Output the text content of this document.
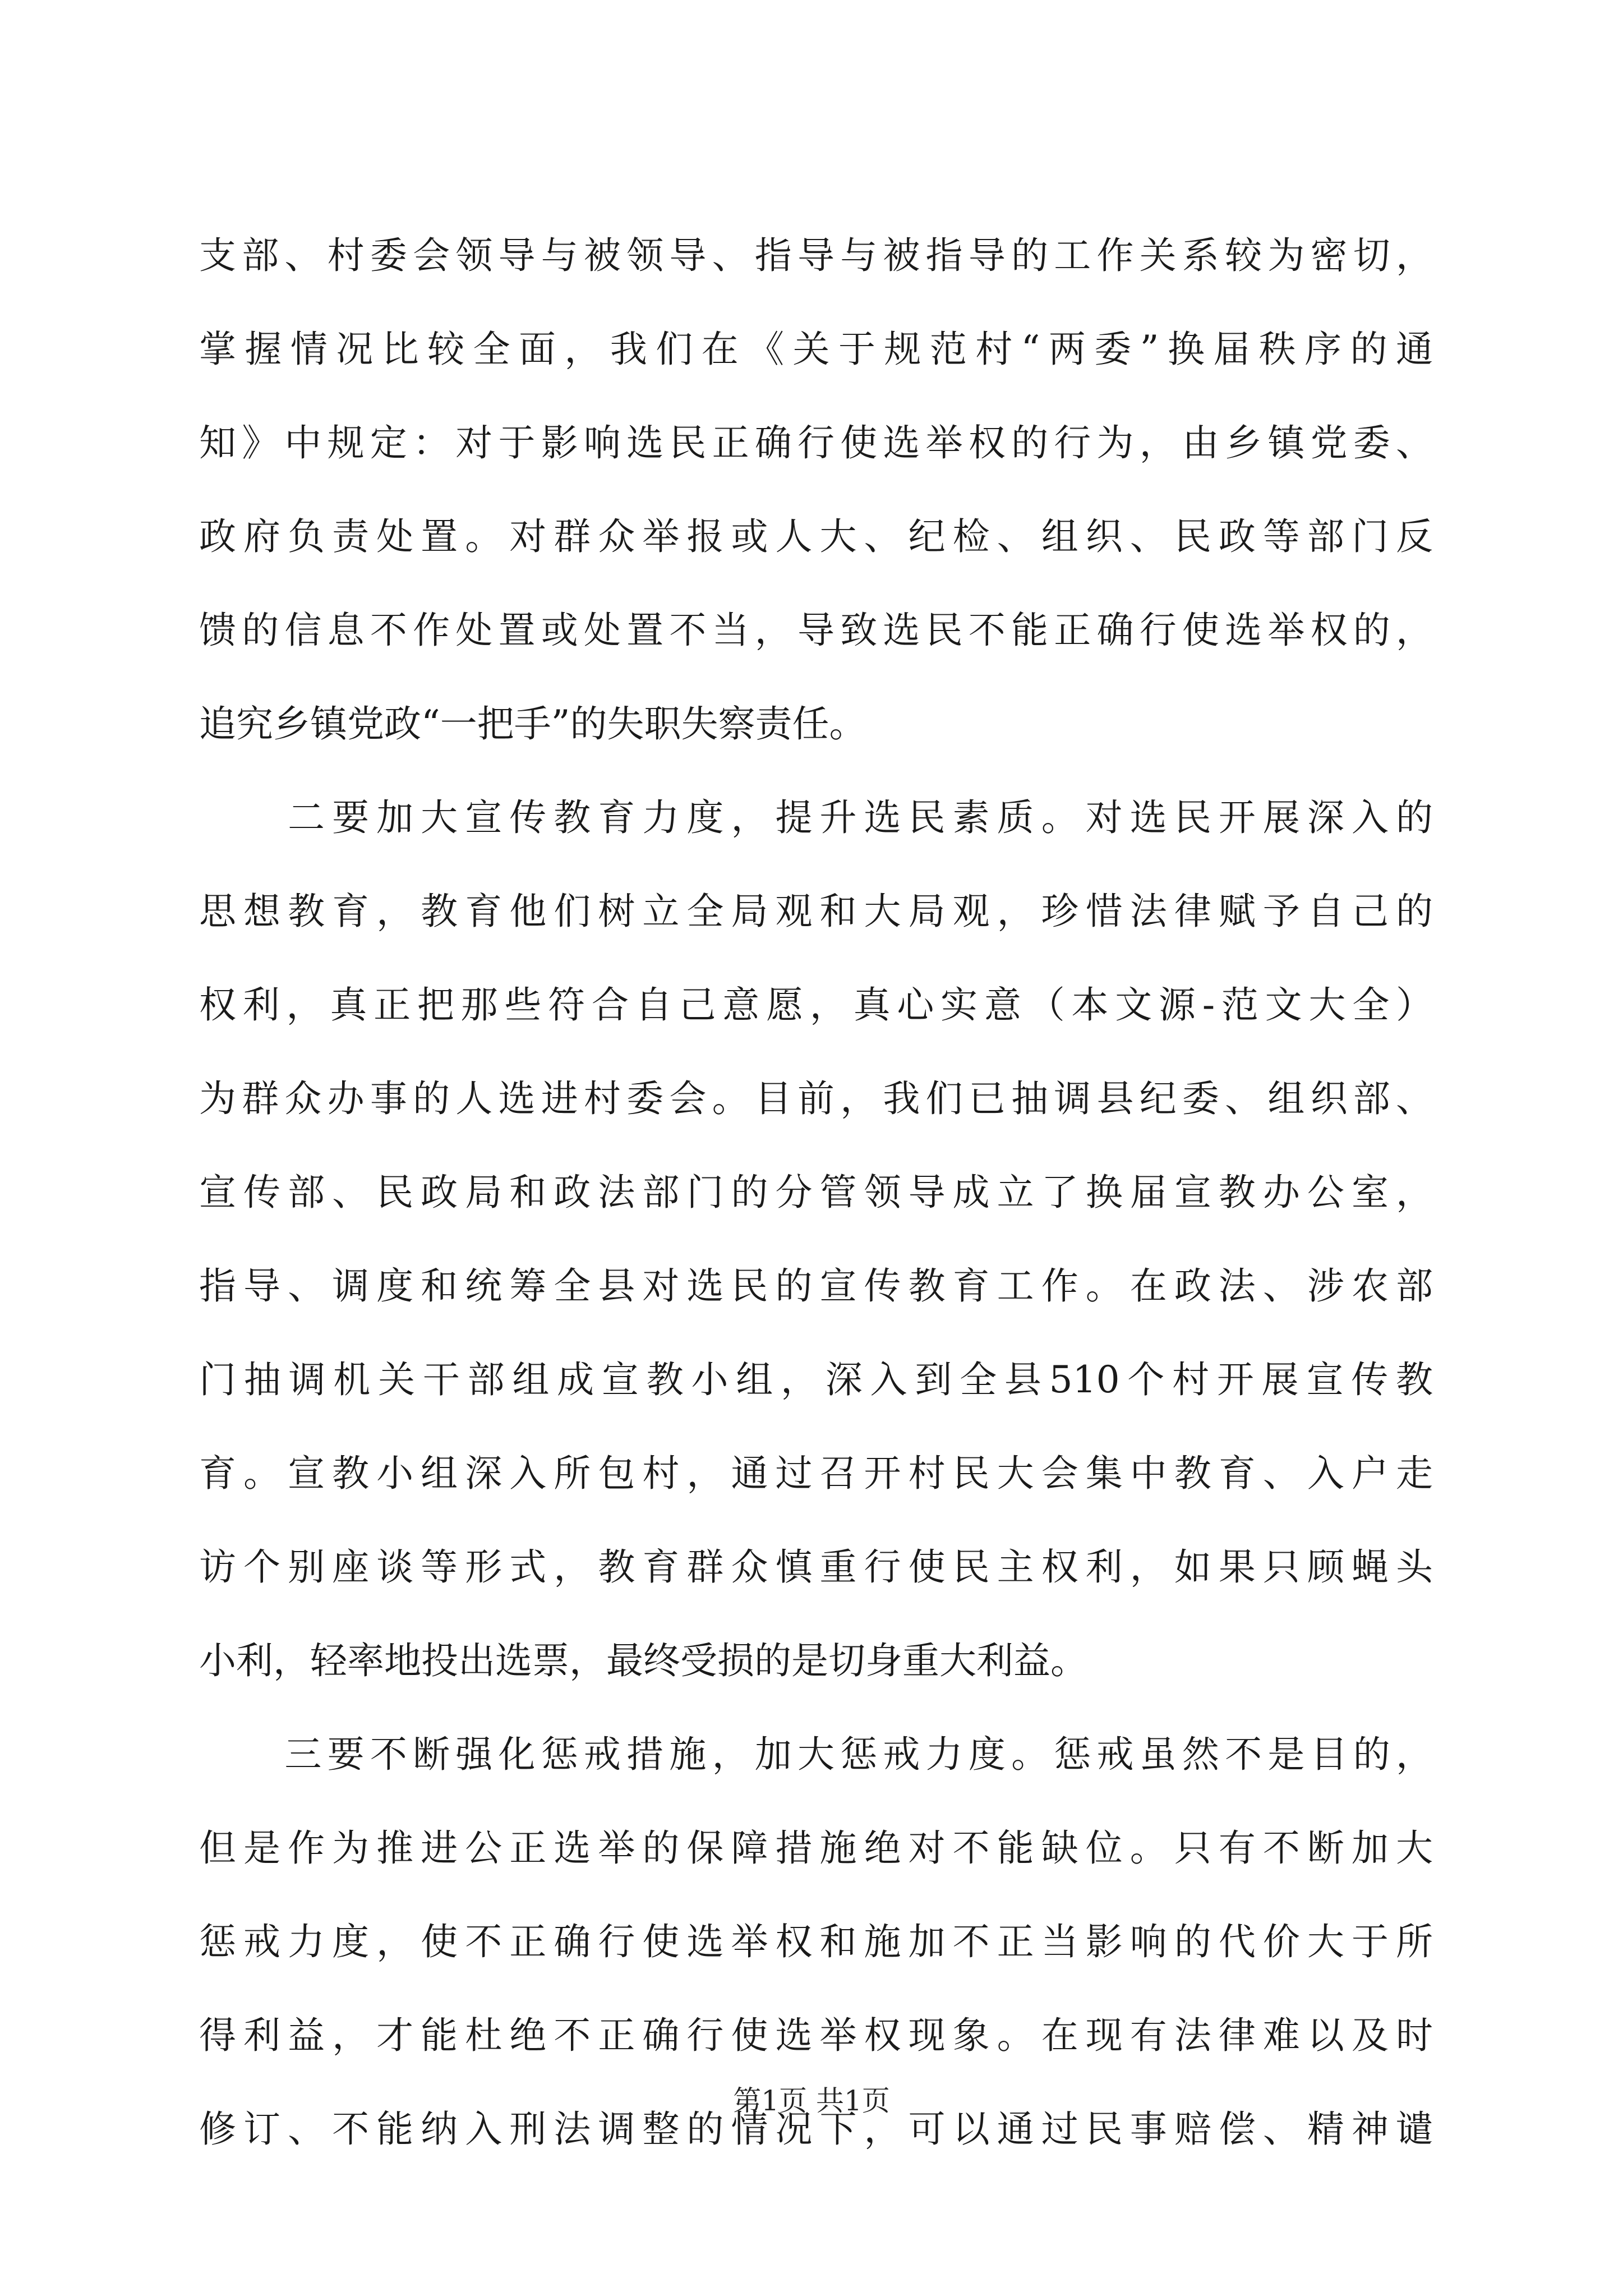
支部、村委会领导与被领导、指导与被指导的工作关系较为密切，
掌握情况比较全面，我们在《关于规范村“两委”换届秩序的通
知》中规定：对于影响选民正确行使选举权的行为，由乡镇党委、
政府负责处置。对群众举报或人大、纪检、组织、民政等部门反
馈的信息不作处置或处置不当，导致选民不能正确行使选举权的，
追究乡镇党政“一把手”的失职失察责任。
　　二要加大宣传教育力度，提升选民素质。对选民开展深入的
思想教育，教育他们树立全局观和大局观，珍惜法律赋予自己的
权利，真正把那些符合自己意愿，真心实意（本文源-范文大全）
为群众办事的人选进村委会。目前，我们已抽调县纪委、组织部、
宣传部、民政局和政法部门的分管领导成立了换届宣教办公室，
指导、调度和统筹全县对选民的宣传教育工作。在政法、涉农部
门抽调机关干部组成宣教小组，深入到全县510个村开展宣传教
育。宣教小组深入所包村，通过召开村民大会集中教育、入户走
访个别座谈等形式，教育群众慎重行使民主权利，如果只顾蝇头
小利，轻率地投出选票，最终受损的是切身重大利益。
　　三要不断强化惩戒措施，加大惩戒力度。惩戒虽然不是目的，
但是作为推进公正选举的保障措施绝对不能缺位。只有不断加大
惩戒力度，使不正确行使选举权和施加不正当影响的代价大于所
得利益，才能杜绝不正确行使选举权现象。在现有法律难以及时
修订、不能纳入刑法调整的情况下，可以通过民事赔偿、精神谴
第1页 共1页
